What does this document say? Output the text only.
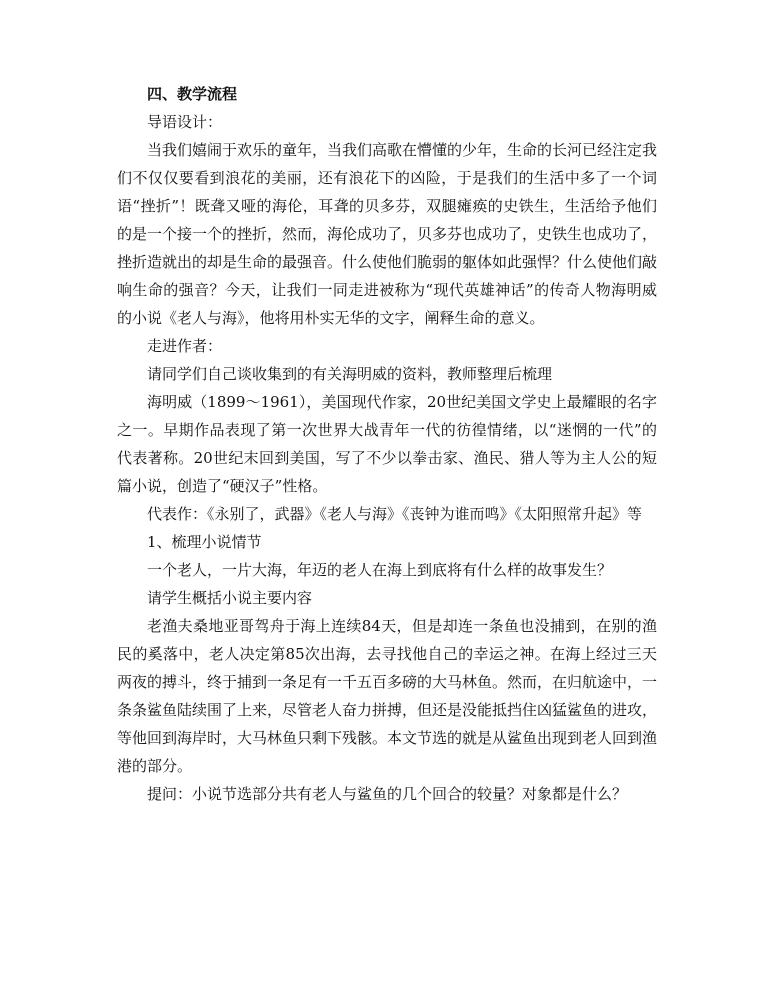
四、教学流程

导语设计：

当我们嬉闹于欢乐的童年，当我们高歌在懵懂的少年，生命的长河已经注定我们不仅仅要看到浪花的美丽，还有浪花下的凶险，于是我们的生活中多了一个词语“挫折”！既聋又哑的海伦，耳聋的贝多芬，双腿瘫痪的史铁生，生活给予他们的是一个接一个的挫折，然而，海伦成功了，贝多芬也成功了，史铁生也成功了，挫折造就出的却是生命的最强音。什么使他们脆弱的躯体如此强悍？什么使他们敲响生命的强音？今天，让我们一同走进被称为“现代英雄神话”的传奇人物海明威的小说《老人与海》，他将用朴实无华的文字，阐释生命的意义。

走进作者：

请同学们自己谈收集到的有关海明威的资料，教师整理后梳理

海明威（1899～1961），美国现代作家，20世纪美国文学史上最耀眼的名字之一。早期作品表现了第一次世界大战青年一代的彷徨情绪，以“迷惘的一代”的代表著称。20世纪末回到美国，写了不少以拳击家、渔民、猎人等为主人公的短篇小说，创造了“硬汉子”性格。

代表作：《永别了，武器》《老人与海》《丧钟为谁而鸣》《太阳照常升起》等

1、梳理小说情节

一个老人，一片大海，年迈的老人在海上到底将有什么样的故事发生？

请学生概括小说主要内容

老渔夫桑地亚哥驾舟于海上连续84天，但是却连一条鱼也没捕到，在别的渔民的奚落中，老人决定第85次出海，去寻找他自己的幸运之神。在海上经过三天两夜的搏斗，终于捕到一条足有一千五百多磅的大马林鱼。然而，在归航途中，一条条鲨鱼陆续围了上来，尽管老人奋力拼搏，但还是没能抵挡住凶猛鲨鱼的进攻，等他回到海岸时，大马林鱼只剩下残骸。本文节选的就是从鲨鱼出现到老人回到渔港的部分。

提问：小说节选部分共有老人与鲨鱼的几个回合的较量？对象都是什么？
